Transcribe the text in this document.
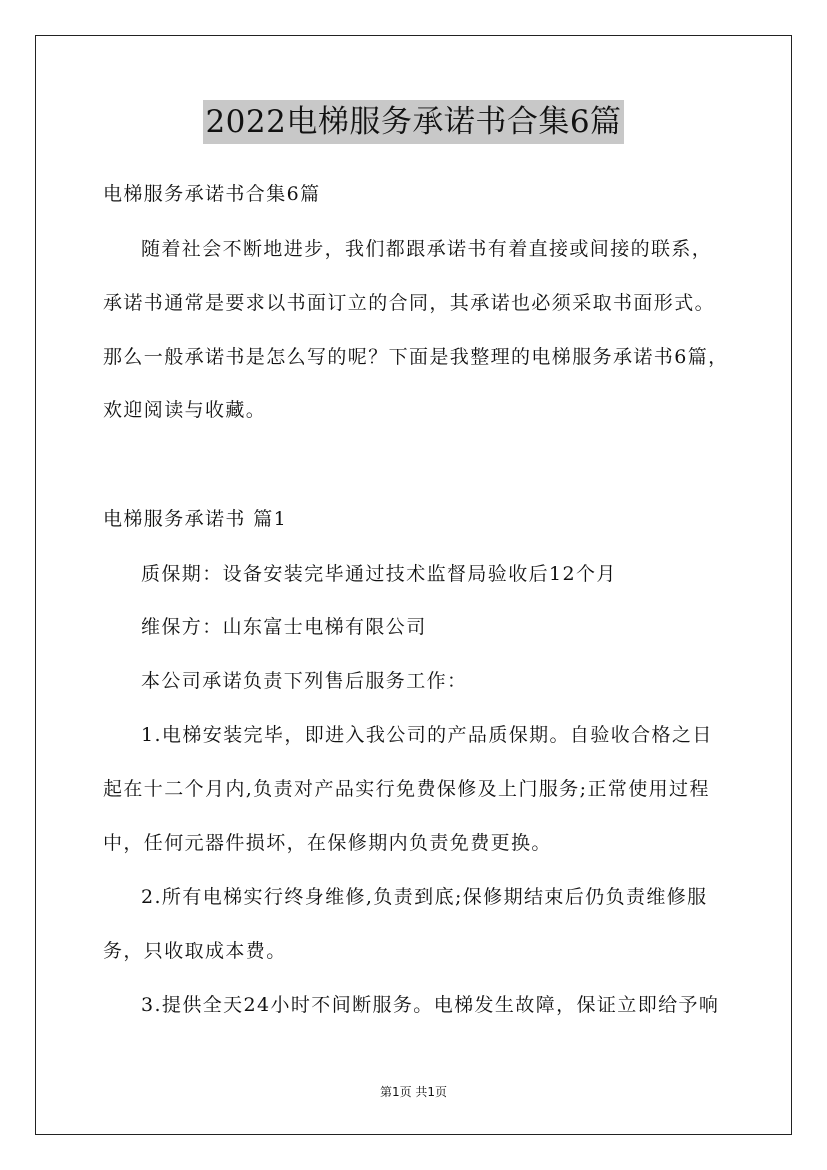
2022电梯服务承诺书合集6篇
电梯服务承诺书合集6篇
随着社会不断地进步，我们都跟承诺书有着直接或间接的联系，
承诺书通常是要求以书面订立的合同，其承诺也必须采取书面形式。
那么一般承诺书是怎么写的呢？下面是我整理的电梯服务承诺书6篇，
欢迎阅读与收藏。
电梯服务承诺书 篇1
质保期：设备安装完毕通过技术监督局验收后12个月
维保方：山东富士电梯有限公司
本公司承诺负责下列售后服务工作：
1.电梯安装完毕，即进入我公司的产品质保期。自验收合格之日
起在十二个月内,负责对产品实行免费保修及上门服务;正常使用过程
中，任何元器件损坏，在保修期内负责免费更换。
2.所有电梯实行终身维修,负责到底;保修期结束后仍负责维修服
务，只收取成本费。
3.提供全天24小时不间断服务。电梯发生故障，保证立即给予响
第1页 共1页
